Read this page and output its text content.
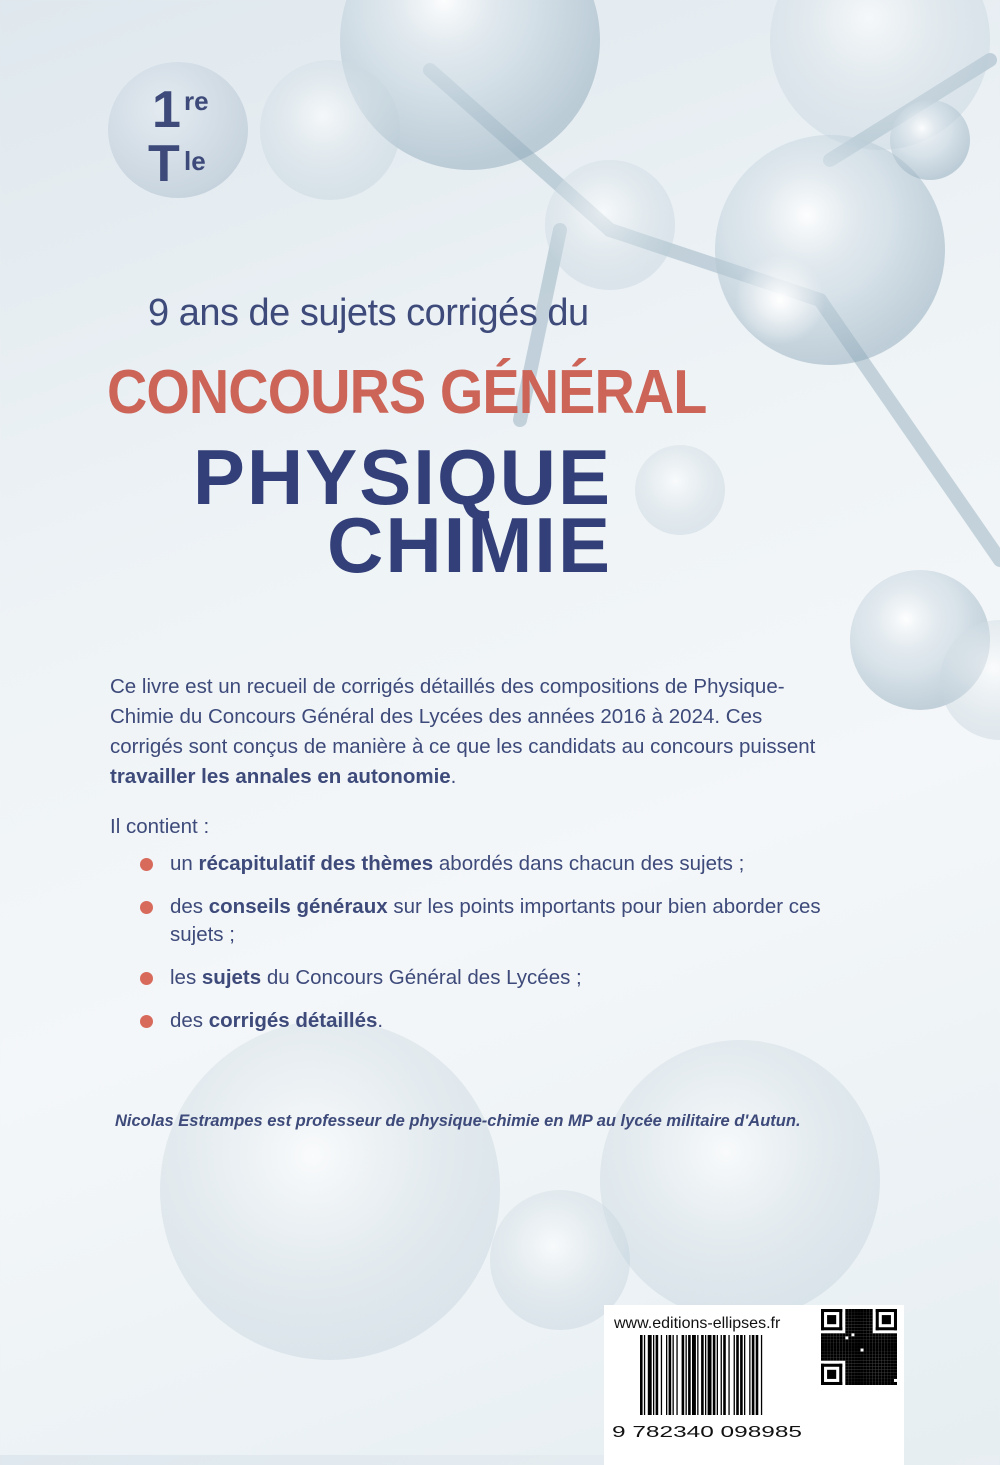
1 re
T le
9 ans de sujets corrigés du
CONCOURS GÉNÉRAL
PHYSIQUE
CHIMIE

Ce livre est un recueil de corrigés détaillés des compositions de Physique-Chimie du Concours Général des Lycées des années 2016 à 2024. Ces corrigés sont conçus de manière à ce que les candidats au concours puissent travailler les annales en autonomie.

Il contient :
un récapitulatif des thèmes abordés dans chacun des sujets ;
des conseils généraux sur les points importants pour bien aborder ces sujets ;
les sujets du Concours Général des Lycées ;
des corrigés détaillés.
Nicolas Estrampes est professeur de physique-chimie en MP au lycée militaire d'Autun.
www.editions-ellipses.fr
9 782340 098985
